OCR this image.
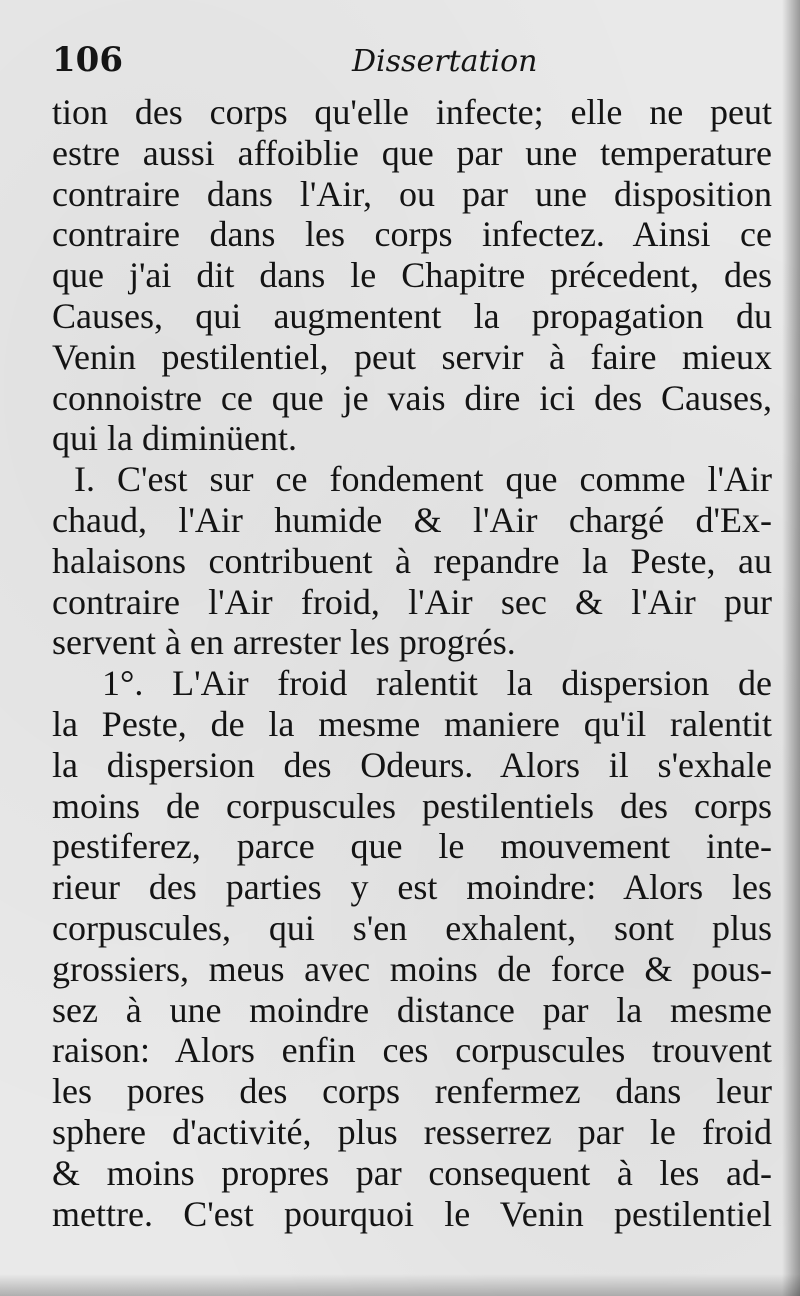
106	Dissertation
tion des corps qu'elle infecte; elle ne peut
estre aussi affoiblie que par une temperature
contraire dans l'Air, ou par une disposition
contraire dans les corps infectez. Ainsi ce
que j'ai dit dans le Chapitre précedent, des
Causes, qui augmentent la propagation du
Venin pestilentiel, peut servir à faire mieux
connoistre ce que je vais dire ici des Causes,
qui la diminüent.
I. C'est sur ce fondement que comme l'Air
chaud, l'Air humide & l'Air chargé d'Ex-
halaisons contribuent à repandre la Peste, au
contraire l'Air froid, l'Air sec & l'Air pur
servent à en arrester les progrés.
1°. L'Air froid ralentit la dispersion de
la Peste, de la mesme maniere qu'il ralentit
la dispersion des Odeurs. Alors il s'exhale
moins de corpuscules pestilentiels des corps
pestiferez, parce que le mouvement inte-
rieur des parties y est moindre: Alors les
corpuscules, qui s'en exhalent, sont plus
grossiers, meus avec moins de force & pous-
sez à une moindre distance par la mesme
raison: Alors enfin ces corpuscules trouvent
les pores des corps renfermez dans leur
sphere d'activité, plus resserrez par le froid
& moins propres par consequent à les ad-
mettre. C'est pourquoi le Venin pestilentiel
